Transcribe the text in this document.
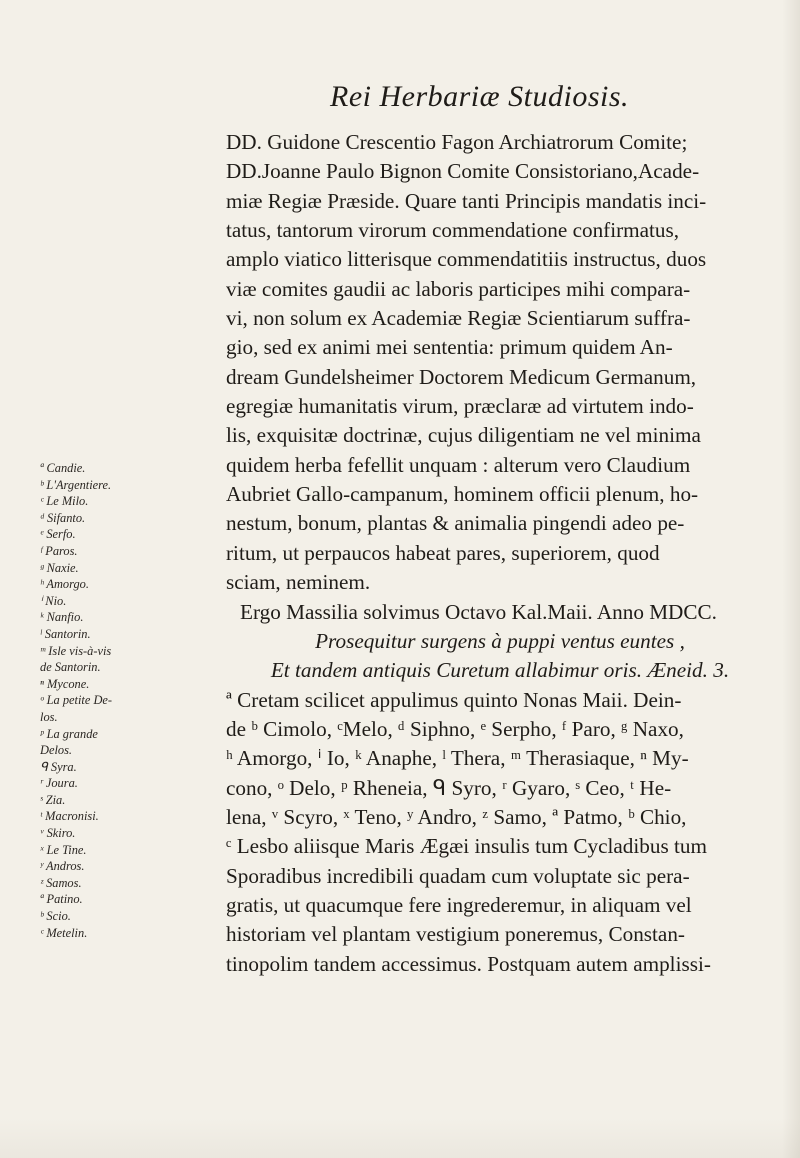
Rei Herbariæ Studiosis.
DD. Guidone Crescentio Fagon Archiatrorum Comite;
DD.Joanne Paulo Bignon Comite Consistoriano,Acade-
miæ Regiæ Præside. Quare tanti Principis mandatis inci-
tatus, tantorum virorum commendatione confirmatus,
amplo viatico litterisque commendatitiis instructus, duos
viæ comites gaudii ac laboris participes mihi compara-
vi, non solum ex Academiæ Regiæ Scientiarum suffra-
gio, sed ex animi mei sententia: primum quidem An-
dream Gundelsheimer Doctorem Medicum Germanum,
egregiæ humanitatis virum, præclaræ ad virtutem indo-
lis, exquisitæ doctrinæ, cujus diligentiam ne vel minima
quidem herba fefellit unquam : alterum vero Claudium
Aubriet Gallo-campanum, hominem officii plenum, ho-
nestum, bonum, plantas & animalia pingendi adeo pe-
ritum, ut perpaucos habeat pares, superiorem, quod
sciam, neminem.
Ergo Massilia solvimus Octavo Kal.Maii. Anno MDCC.
Prosequitur surgens à puppi ventus euntes ,
Et tandem antiquis Curetum allabimur oris. Æneid. 3.
ª Cretam scilicet appulimus quinto Nonas Maii. Dein-
de ᵇ Cimolo, ᶜMelo, ᵈ Siphno, ᵉ Serpho, ᶠ Paro, ᵍ Naxo,
ʰ Amorgo, ⁱ Io, ᵏ Anaphe, ˡ Thera, ᵐ Therasiaque, ⁿ My-
cono, ᵒ Delo, ᵖ Rheneia, ᑫ Syro, ʳ Gyaro, ˢ Ceo, ᵗ He-
lena, ᵛ Scyro, ˣ Teno, ʸ Andro, ᶻ Samo, ª Patmo, ᵇ Chio,
ᶜ Lesbo aliisque Maris Ægæi insulis tum Cycladibus tum
Sporadibus incredibili quadam cum voluptate sic pera-
gratis, ut quacumque fere ingrederemur, in aliquam vel
historiam vel plantam vestigium poneremus, Constan-
tinopolim tandem accessimus. Postquam autem amplissi-
ª Candie.
ᵇ L'Argentiere.
ᶜ Le Milo.
ᵈ Sifanto.
ᵉ Serfo.
ᶠ Paros.
ᵍ Naxie.
ʰ Amorgo.
ⁱ Nio.
ᵏ Nanfio.
ˡ Santorin.
ᵐ Isle vis-à-vis
de Santorin.
ⁿ Mycone.
ᵒ La petite De-
los.
ᵖ La grande
Delos.
ᑫ Syra.
ʳ Joura.
ˢ Zia.
ᵗ Macronisi.
ᵛ Skiro.
ˣ Le Tine.
ʸ Andros.
ᶻ Samos.
ª Patino.
ᵇ Scio.
ᶜ Metelin.
